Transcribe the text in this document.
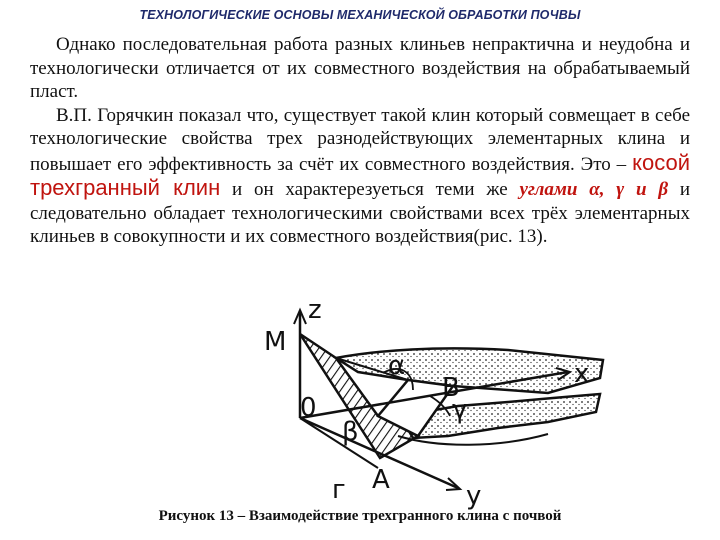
ТЕХНОЛОГИЧЕСКИЕ ОСНОВЫ МЕХАНИЧЕСКОЙ ОБРАБОТКИ ПОЧВЫ

Однако последовательная работа разных клиньев непрактична и неудобна и технологически отличается от их совместного воздействия на обрабатываемый пласт.

В.П. Горячкин показал что, существует такой клин который совмещает в себе технологические свойства трех разнодействующих элементарных клина и повышает его эффективность за счёт их совместного воздействия. Это – косой трехгранный клин и он характерезуеться теми же углами α, γ и β и следовательно обладает технологическими свойствами всех трёх элементарных клиньев в совокупности и их совместного воздействия(рис. 13).

z
M
x
α
B
γ
0
β
г A
y
Рисунок 13 – Взаимодействие трехгранного клина с почвой
